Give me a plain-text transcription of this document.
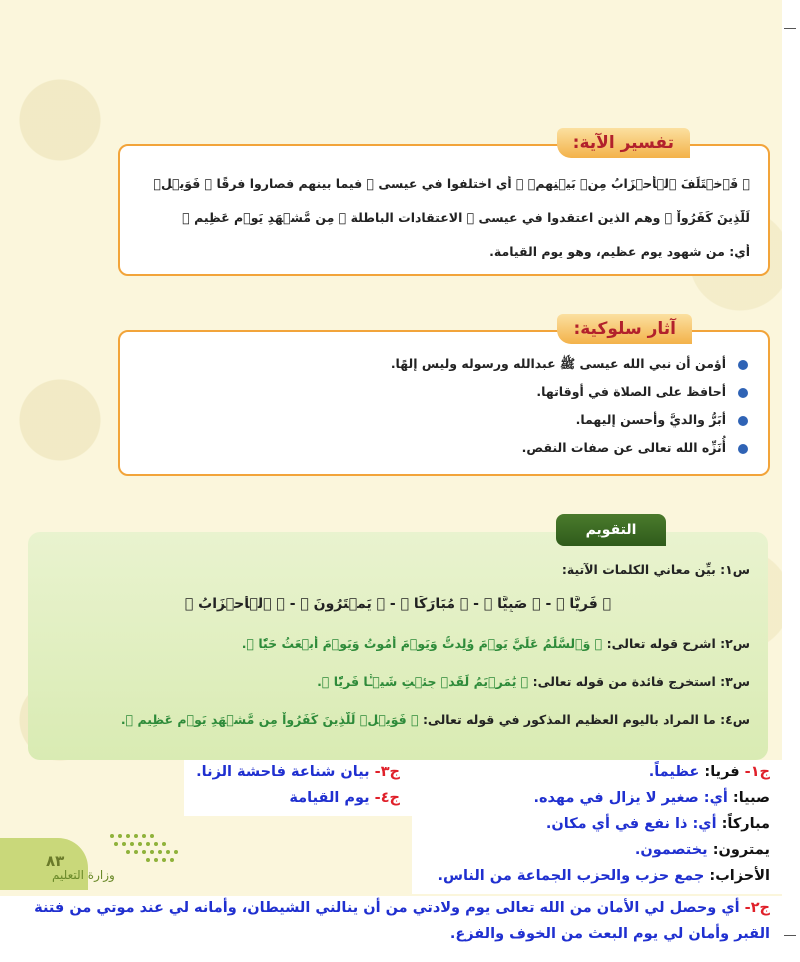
﴿ فَٱخۡتَلَفَ ٱلۡأَحۡزَابُ مِنۢ بَيۡنِهِمۡ ﴾ أي اختلفوا في عيسى ﷺ فيما بينهم فصاروا فرقًا ﴿ فَوَيۡلٞ
لِّلَّذِينَ كَفَرُواْ ﴾ وهم الذين اعتقدوا في عيسى ﷺ الاعتقادات الباطلة ﴿ مِن مَّشۡهَدِ يَوۡمٍ عَظِيمٍ ﴾
أي: من شهود يوم عظيم، وهو يوم القيامة.
تفسير الآية:
أؤمن أن نبي الله عيسى ﷺ عبدالله ورسوله وليس إلهًا.
أحافظ على الصلاة في أوقاتها.
أبَرُّ والديَّ وأحسن إليهما.
أُنَزِّه الله تعالى عن صفات النقص.
آثار سلوكية:
س١: بيِّن معاني الكلمات الآتية:
﴿ فَرِيًّا ﴾ - ﴿ صَبِيًّا ﴾ - ﴿ مُبَارَكًا ﴾ - ﴿ يَمۡتَرُونَ ﴾ - ﴿ ٱلۡأَحۡزَابُ ﴾
س٢: اشرح قوله تعالى: ﴿ وَٱلسَّلَٰمُ عَلَيَّ يَوۡمَ وُلِدتُّ وَيَوۡمَ أَمُوتُ وَيَوۡمَ أُبۡعَثُ حَيّٗا ﴾.
س٣: استخرج فائدة من قوله تعالى: ﴿ يَٰمَرۡيَمُ لَقَدۡ جِئۡتِ شَيۡـٔٗا فَرِيّٗا ﴾.
س٤: ما المراد باليوم العظيم المذكور في قوله تعالى: ﴿ فَوَيۡلٞ لِّلَّذِينَ كَفَرُواْ مِن مَّشۡهَدِ يَوۡمٍ عَظِيمٍ ﴾.
التقويم
ج٣- بيان شناعة فاحشة الزنا.
ج٤- يوم القيامة
ج١- فريا: عظيماً.
صبيا: أي: صغير لا يزال في مهده.
مباركاً: أي: ذا نفع في أي مكان.
يمترون: يختصمون.
الأحزاب: جمع حزب والحزب الجماعة من الناس.
٨٣
وزارة التعليم
ج٢- أي وحصل لي الأمان من الله تعالى يوم ولادتي من أن ينالني الشيطان، وأمانه لي عند موتي من فتنة
القبر وأمان لي يوم البعث من الخوف والفزع.
